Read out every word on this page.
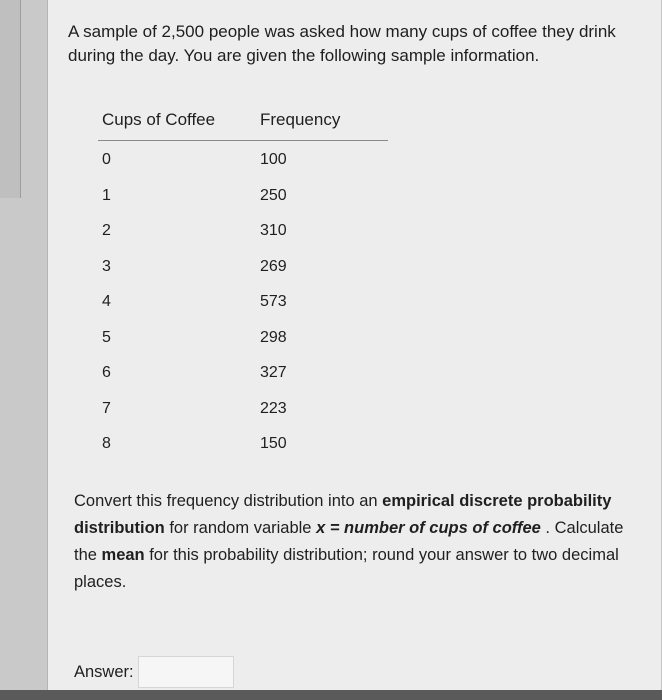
A sample of 2,500 people was asked how many cups of coffee they drink during the day. You are given the following sample information.

Cups of Coffee	Frequency
0	100
1	250
2	310
3	269
4	573
5	298
6	327
7	223
8	150

Convert this frequency distribution into an empirical discrete probability distribution for random variable x = number of cups of coffee . Calculate the mean for this probability distribution; round your answer to two decimal places.

Answer:
